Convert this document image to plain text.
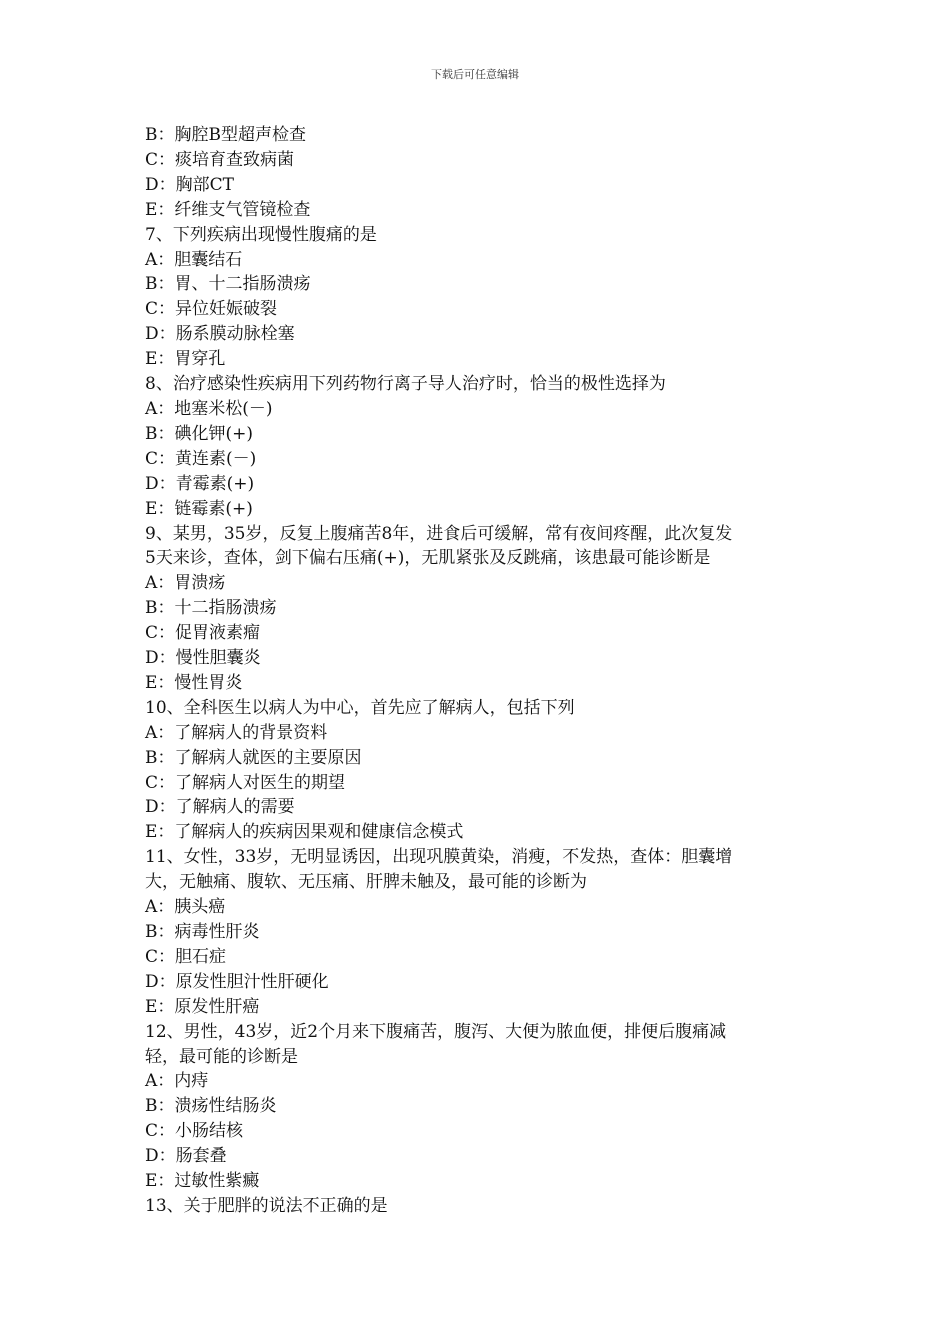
下载后可任意编辑
B：胸腔B型超声检查
C：痰培育查致病菌
D：胸部CT
E：纤维支气管镜检查
7、下列疾病出现慢性腹痛的是
A：胆囊结石
B：胃、十二指肠溃疡
C：异位妊娠破裂
D：肠系膜动脉栓塞
E：胃穿孔
8、治疗感染性疾病用下列药物行离子导人治疗时，恰当的极性选择为
A：地塞米松(－)
B：碘化钾(+)
C：黄连素(－)
D：青霉素(+)
E：链霉素(+)
9、某男，35岁，反复上腹痛苦8年，进食后可缓解，常有夜间疼醒，此次复发
5天来诊，查体，剑下偏右压痛(+)，无肌紧张及反跳痛，该患最可能诊断是
A：胃溃疡
B：十二指肠溃疡
C：促胃液素瘤
D：慢性胆囊炎
E：慢性胃炎
10、全科医生以病人为中心，首先应了解病人，包括下列
A：了解病人的背景资料
B：了解病人就医的主要原因
C：了解病人对医生的期望
D：了解病人的需要
E：了解病人的疾病因果观和健康信念模式
11、女性，33岁，无明显诱因，出现巩膜黄染，消瘦，不发热，查体：胆囊增
大，无触痛、腹软、无压痛、肝脾未触及，最可能的诊断为
A：胰头癌
B：病毒性肝炎
C：胆石症
D：原发性胆汁性肝硬化
E：原发性肝癌
12、男性，43岁，近2个月来下腹痛苦，腹泻、大便为脓血便，排便后腹痛减
轻，最可能的诊断是
A：内痔
B：溃疡性结肠炎
C：小肠结核
D：肠套叠
E：过敏性紫癜
13、关于肥胖的说法不正确的是
